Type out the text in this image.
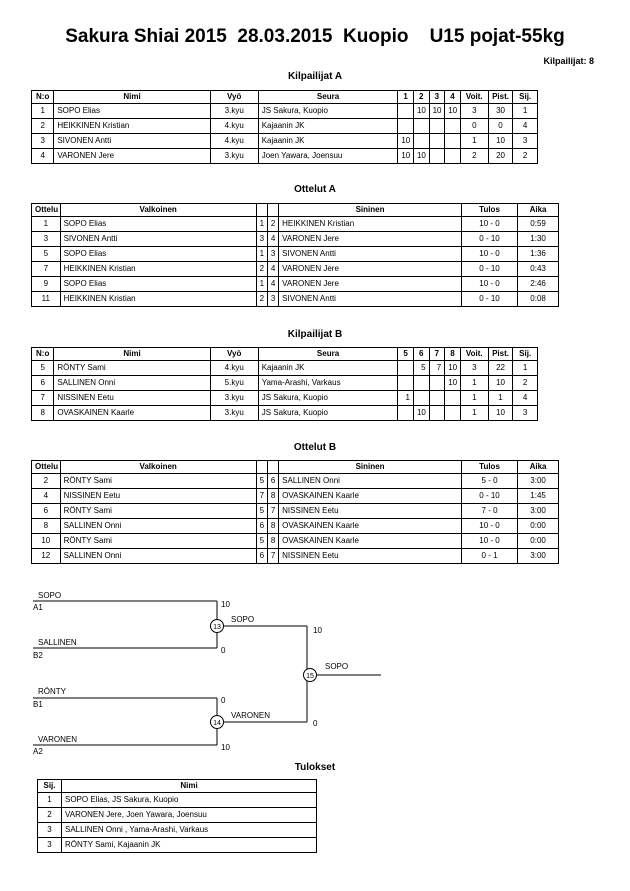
Sakura Shiai 2015  28.03.2015  Kuopio    U15 pojat-55kg
Kilpailijat: 8
Kilpailijat A
N:o	Nimi	Vyö	Seura	1	2	3	4	Voit.	Pist.	Sij.
1	SOPO Elias	3.kyu	JS Sakura, Kuopio		10	10	10	3	30	1
2	HEIKKINEN Kristian	4.kyu	Kajaanin JK					0	0	4
3	SIVONEN Antti	4.kyu	Kajaanin JK	10				1	10	3
4	VARONEN Jere	3.kyu	Joen Yawara, Joensuu	10	10			2	20	2
Ottelut A
Ottelu	Valkoinen			Sininen	Tulos	Aika
1	SOPO Elias	1	2	HEIKKINEN Kristian	10 - 0	0:59
3	SIVONEN Antti	3	4	VARONEN Jere	0 - 10	1:30
5	SOPO Elias	1	3	SIVONEN Antti	10 - 0	1:36
7	HEIKKINEN Kristian	2	4	VARONEN Jere	0 - 10	0:43
9	SOPO Elias	1	4	VARONEN Jere	10 - 0	2:46
11	HEIKKINEN Kristian	2	3	SIVONEN Antti	0 - 10	0:08
Kilpailijat B
N:o	Nimi	Vyö	Seura	5	6	7	8	Voit.	Pist.	Sij.
5	RÖNTY Sami	4.kyu	Kajaanin JK		5	7	10	3	22	1
6	SALLINEN Onni	5.kyu	Yama-Arashi, Varkaus				10	1	10	2
7	NISSINEN Eetu	3.kyu	JS Sakura, Kuopio	1				1	1	4
8	OVASKAINEN Kaarle	3.kyu	JS Sakura, Kuopio		10			1	10	3
Ottelut B
Ottelu	Valkoinen			Sininen	Tulos	Aika
2	RÖNTY Sami	5	6	SALLINEN Onni	5 - 0	3:00
4	NISSINEN Eetu	7	8	OVASKAINEN Kaarle	0 - 10	1:45
6	RÖNTY Sami	5	7	NISSINEN Eetu	7 - 0	3:00
8	SALLINEN Onni	6	8	OVASKAINEN Kaarle	10 - 0	0:00
10	RÖNTY Sami	5	8	OVASKAINEN Kaarle	10 - 0	0:00
12	SALLINEN Onni	6	7	NISSINEN Eetu	0 - 1	3:00
SOPO
A1	10
SALLINEN
B2
0
13
SOPO
RÖNTY
B1	0
VARONEN
A2	10
14
VARONEN
10
0
15
SOPO
Tulokset
Sij.	Nimi
1	SOPO Elias, JS Sakura, Kuopio
2	VARONEN Jere, Joen Yawara, Joensuu
3	SALLINEN Onni , Yama-Arashi, Varkaus
3	RÖNTY Sami, Kajaanin JK
